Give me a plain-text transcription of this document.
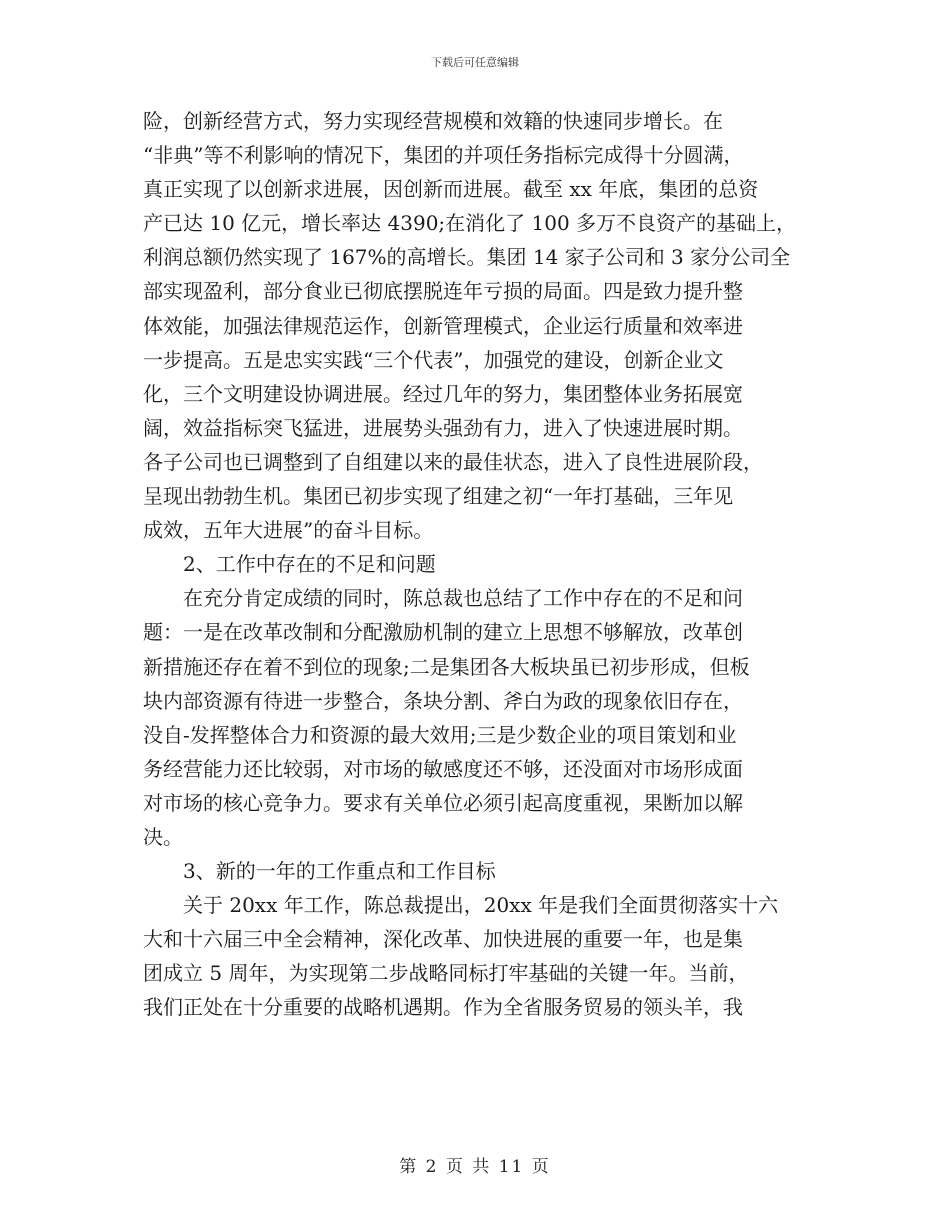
下载后可任意编辑
险，创新经营方式，努力实现经营规模和效籍的快速同步增长。在
“非典”等不利影响的情况下，集团的并项任务指标完成得十分圆满，
真正实现了以创新求进展，因创新而进展。截至 xx 年底，集团的总资
产已达 10 亿元，增长率达 4390;在消化了 100 多万不良资产的基础上，
利润总额仍然实现了 167%的高增长。集团 14 家子公司和 3 家分公司全
部实现盈利，部分食业已彻底摆脱连年亏损的局面。四是致力提升整
体效能，加强法律规范运作，创新管理模式，企业运行质量和效率进
一步提高。五是忠实实践“三个代表”，加强党的建设，创新企业文
化，三个文明建设协调进展。经过几年的努力，集团整体业务拓展宽
阔，效益指标突飞猛进，进展势头强劲有力，进入了快速进展时期。
各子公司也已调整到了自组建以来的最佳状态，进入了良性进展阶段，
呈现出勃勃生机。集团已初步实现了组建之初“一年打基础，三年见
成效，五年大进展”的奋斗目标。
2、工作中存在的不足和问题
在充分肯定成绩的同时，陈总裁也总结了工作中存在的不足和问
题：一是在改革改制和分配激励机制的建立上思想不够解放，改革创
新措施还存在着不到位的现象;二是集团各大板块虽已初步形成，但板
块内部资源有待进一步整合，条块分割、斧白为政的现象依旧存在，
没自-发挥整体合力和资源的最大效用;三是少数企业的项目策划和业
务经营能力还比较弱，对市场的敏感度还不够，还没面对市场形成面
对市场的核心竞争力。要求有关单位必须引起高度重视，果断加以解
决。
3、新的一年的工作重点和工作目标
关于 20xx 年工作，陈总裁提出，20xx 年是我们全面贯彻落实十六
大和十六届三中全会精神，深化改革、加快进展的重要一年，也是集
团成立 5 周年，为实现第二步战略同标打牢基础的关键一年。当前，
我们正处在十分重要的战略机遇期。作为全省服务贸易的领头羊，我
第 2 页 共 11 页
